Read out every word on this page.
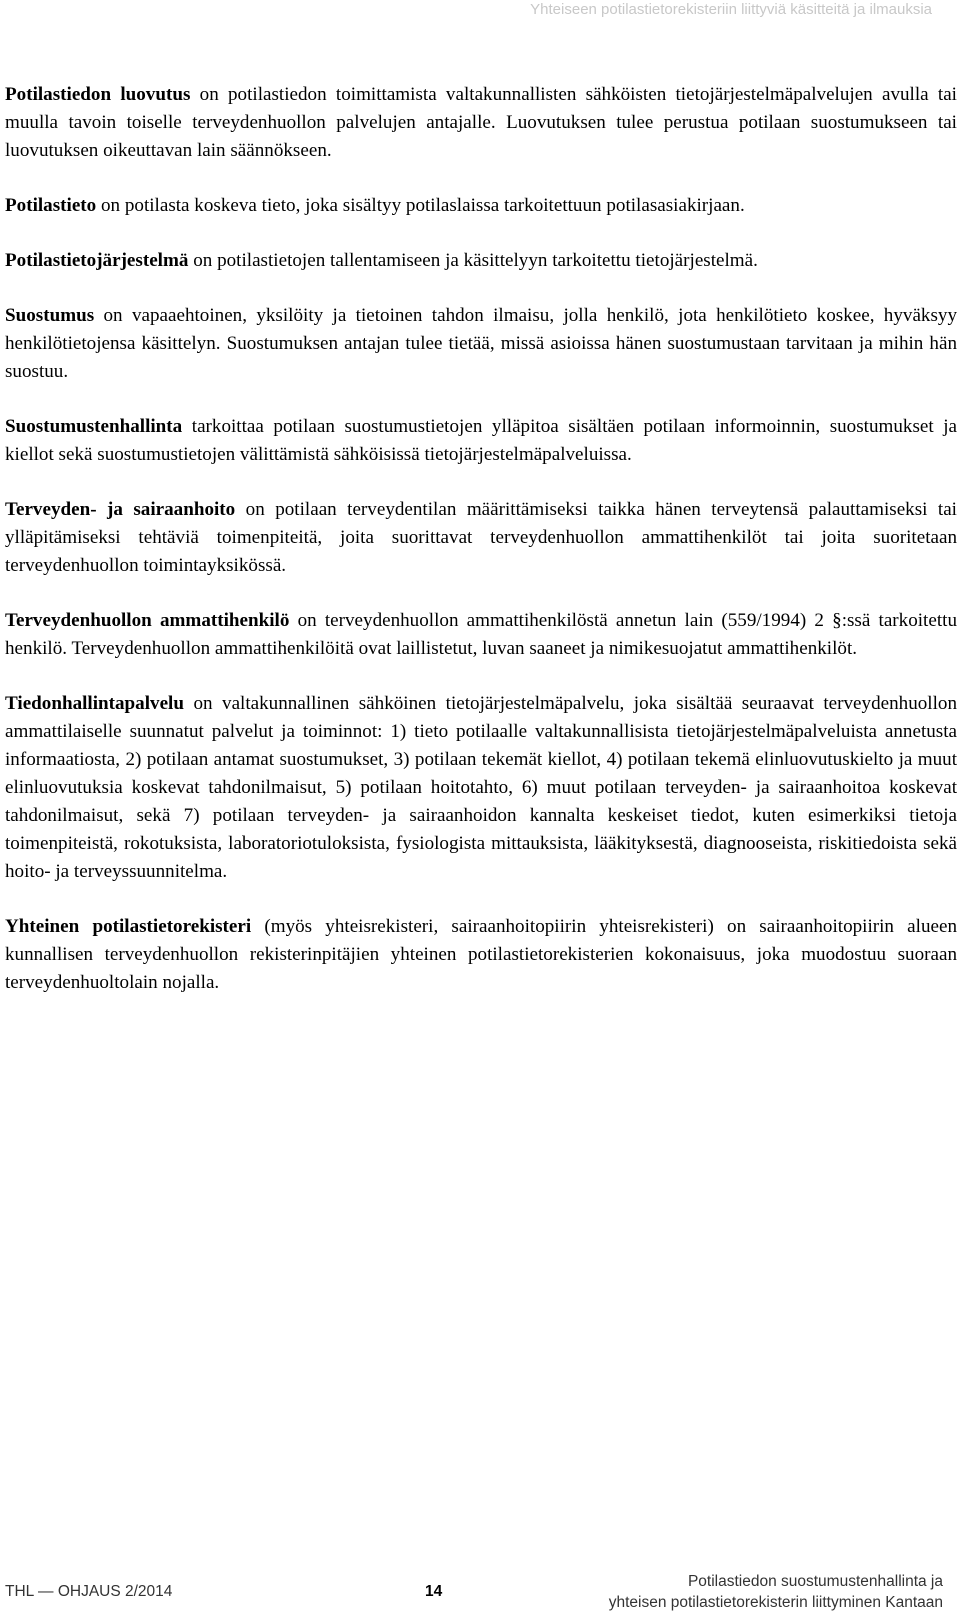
Yhteiseen potilastietorekisteriin liittyviä käsitteitä ja ilmauksia

Potilastiedon luovutus on potilastiedon toimittamista valtakunnallisten sähköisten tietojärjestelmäpalvelujen avulla tai muulla tavoin toiselle terveydenhuollon palvelujen antajalle. Luovutuksen tulee perustua potilaan suostumukseen tai luovutuksen oikeuttavan lain säännökseen.

Potilastieto on potilasta koskeva tieto, joka sisältyy potilaslaissa tarkoitettuun potilasasiakirjaan.

Potilastietojärjestelmä on potilastietojen tallentamiseen ja käsittelyyn tarkoitettu tietojärjestelmä.

Suostumus on vapaaehtoinen, yksilöity ja tietoinen tahdon ilmaisu, jolla henkilö, jota henkilötieto koskee, hyväksyy henkilötietojensa käsittelyn. Suostumuksen antajan tulee tietää, missä asioissa hänen suostumustaan tarvitaan ja mihin hän suostuu.

Suostumustenhallinta tarkoittaa potilaan suostumustietojen ylläpitoa sisältäen potilaan informoinnin, suostumukset ja kiellot sekä suostumustietojen välittämistä sähköisissä tietojärjestelmäpalveluissa.

Terveyden- ja sairaanhoito on potilaan terveydentilan määrittämiseksi taikka hänen terveytensä palauttamiseksi tai ylläpitämiseksi tehtäviä toimenpiteitä, joita suorittavat terveydenhuollon ammattihenkilöt tai joita suoritetaan terveydenhuollon toimintayksikössä.

Terveydenhuollon ammattihenkilö on terveydenhuollon ammattihenkilöstä annetun lain (559/1994) 2 §:ssä tarkoitettu henkilö. Terveydenhuollon ammattihenkilöitä ovat laillistetut, luvan saaneet ja nimikesuojatut ammattihenkilöt.

Tiedonhallintapalvelu on valtakunnallinen sähköinen tietojärjestelmäpalvelu, joka sisältää seuraavat terveydenhuollon ammattilaiselle suunnatut palvelut ja toiminnot: 1) tieto potilaalle valtakunnallisista tietojärjestelmäpalveluista annetusta informaatiosta, 2) potilaan antamat suostumukset, 3) potilaan tekemät kiellot, 4) potilaan tekemä elinluovutuskielto ja muut elinluovutuksia koskevat tahdonilmaisut, 5) potilaan hoitotahto, 6) muut potilaan terveyden- ja sairaanhoitoa koskevat tahdonilmaisut, sekä 7) potilaan terveyden- ja sairaanhoidon kannalta keskeiset tiedot, kuten esimerkiksi tietoja toimenpiteistä, rokotuksista, laboratoriotuloksista, fysiologista mittauksista, lääkityksestä, diagnooseista, riskitiedoista sekä hoito- ja terveyssuunnitelma.

Yhteinen potilastietorekisteri (myös yhteisrekisteri, sairaanhoitopiirin yhteisrekisteri) on sairaanhoitopiirin alueen kunnallisen terveydenhuollon rekisterinpitäjien yhteinen potilastietorekisterien kokonaisuus, joka muodostuu suoraan terveydenhuoltolain nojalla.

THL — OHJAUS 2/2014	14
Potilastiedon suostumustenhallinta ja
yhteisen potilastietorekisterin liittyminen Kantaan
